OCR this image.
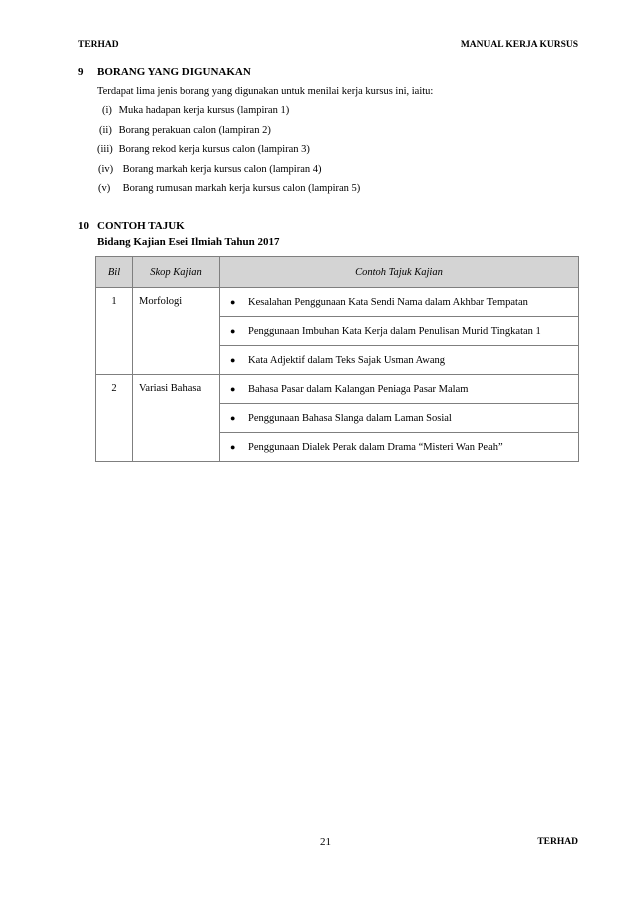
TERHAD	MANUAL KERJA KURSUS
9 BORANG YANG DIGUNAKAN
Terdapat lima jenis borang yang digunakan untuk menilai kerja kursus ini, iaitu:
(i) Muka hadapan kerja kursus (lampiran 1)
(ii) Borang perakuan calon (lampiran 2)
(iii) Borang rekod kerja kursus calon (lampiran 3)
(iv) Borang markah kerja kursus calon (lampiran 4)
(v) Borang rumusan markah kerja kursus calon (lampiran 5)
10 CONTOH TAJUK
Bidang Kajian Esei Ilmiah Tahun 2017
Bil	Skop Kajian	Contoh Tajuk Kajian
1	Morfologi	● Kesalahan Penggunaan Kata Sendi Nama dalam Akhbar Tempatan
		● Penggunaan Imbuhan Kata Kerja dalam Penulisan Murid Tingkatan 1
		● Kata Adjektif dalam Teks Sajak Usman Awang
2	Variasi Bahasa	● Bahasa Pasar dalam Kalangan Peniaga Pasar Malam
		● Penggunaan Bahasa Slanga dalam Laman Sosial
		● Penggunaan Dialek Perak dalam Drama “Misteri Wan Peah”
21	TERHAD
